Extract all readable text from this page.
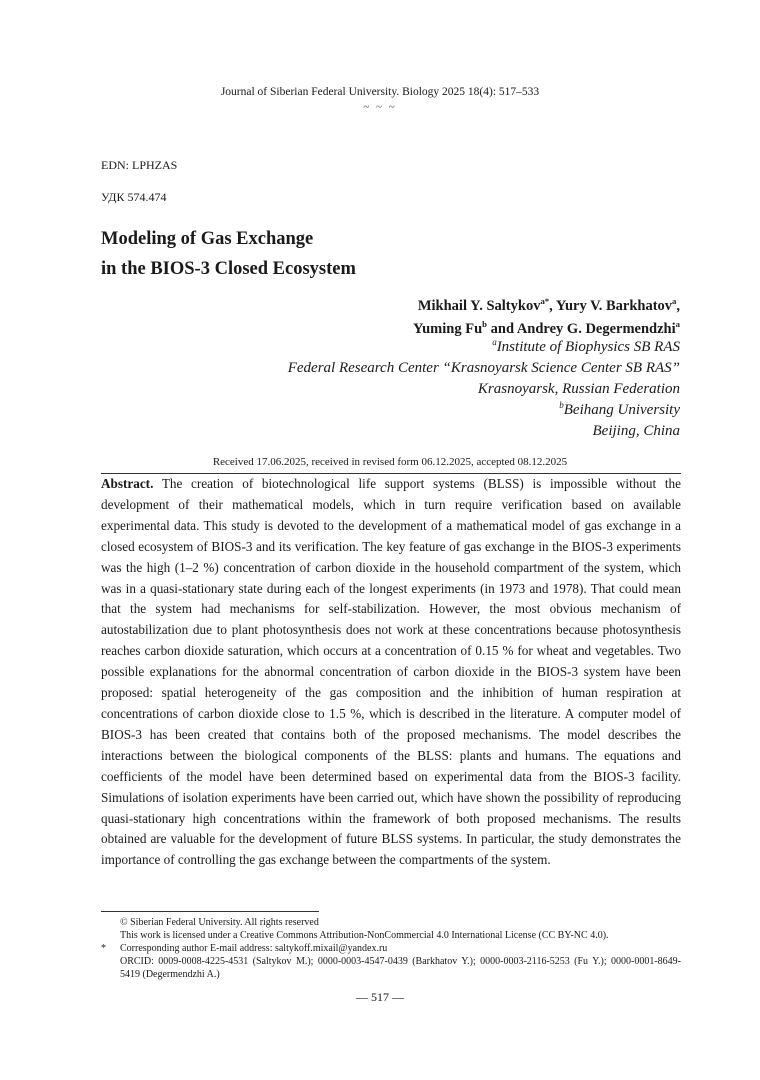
Journal of Siberian Federal University. Biology 2025 18(4): 517–533
~ ~ ~
EDN: LPHZAS
УДК 574.474
Modeling of Gas Exchange
in the BIOS-3 Closed Ecosystem
Mikhail Y. Saltykov$^{a*}$, Yury V. Barkhatov$^a$,
Yuming Fu$^b$ and Andrey G. Degermendzhi$^a$
$^a$Institute of Biophysics SB RAS
Federal Research Center “Krasnoyarsk Science Center SB RAS”
Krasnoyarsk, Russian Federation
$^b$Beihang University
Beijing, China
Received 17.06.2025, received in revised form 06.12.2025, accepted 08.12.2025
Abstract. The creation of biotechnological life support systems (BLSS) is impossible without the development of their mathematical models, which in turn require verification based on available experimental data. This study is devoted to the development of a mathematical model of gas exchange in a closed ecosystem of BIOS-3 and its verification. The key feature of gas exchange in the BIOS-3 experiments was the high (1–2 %) concentration of carbon dioxide in the household compartment of the system, which was in a quasi-stationary state during each of the longest experiments (in 1973 and 1978). That could mean that the system had mechanisms for self-stabilization. However, the most obvious mechanism of autostabilization due to plant photosynthesis does not work at these concentrations because photosynthesis reaches carbon dioxide saturation, which occurs at a concentration of 0.15 % for wheat and vegetables. Two possible explanations for the abnormal concentration of carbon dioxide in the BIOS-3 system have been proposed: spatial heterogeneity of the gas composition and the inhibition of human respiration at concentrations of carbon dioxide close to 1.5 %, which is described in the literature. A computer model of BIOS-3 has been created that contains both of the proposed mechanisms. The model describes the interactions between the biological components of the BLSS: plants and humans. The equations and coefficients of the model have been determined based on experimental data from the BIOS-3 facility. Simulations of isolation experiments have been carried out, which have shown the possibility of reproducing quasi-stationary high concentrations within the framework of both proposed mechanisms. The results obtained are valuable for the development of future BLSS systems. In particular, the study demonstrates the importance of controlling the gas exchange between the compartments of the system.
© Siberian Federal University. All rights reserved
This work is licensed under a Creative Commons Attribution-NonCommercial 4.0 International License (CC BY-NC 4.0).
* Corresponding author E-mail address: saltykoff.mixail@yandex.ru
ORCID: 0009-0008-4225-4531 (Saltykov M.); 0000-0003-4547-0439 (Barkhatov Y.); 0000-0003-2116-5253 (Fu Y.); 0000-0001-8649-5419 (Degermendzhi A.)
— 517 —
